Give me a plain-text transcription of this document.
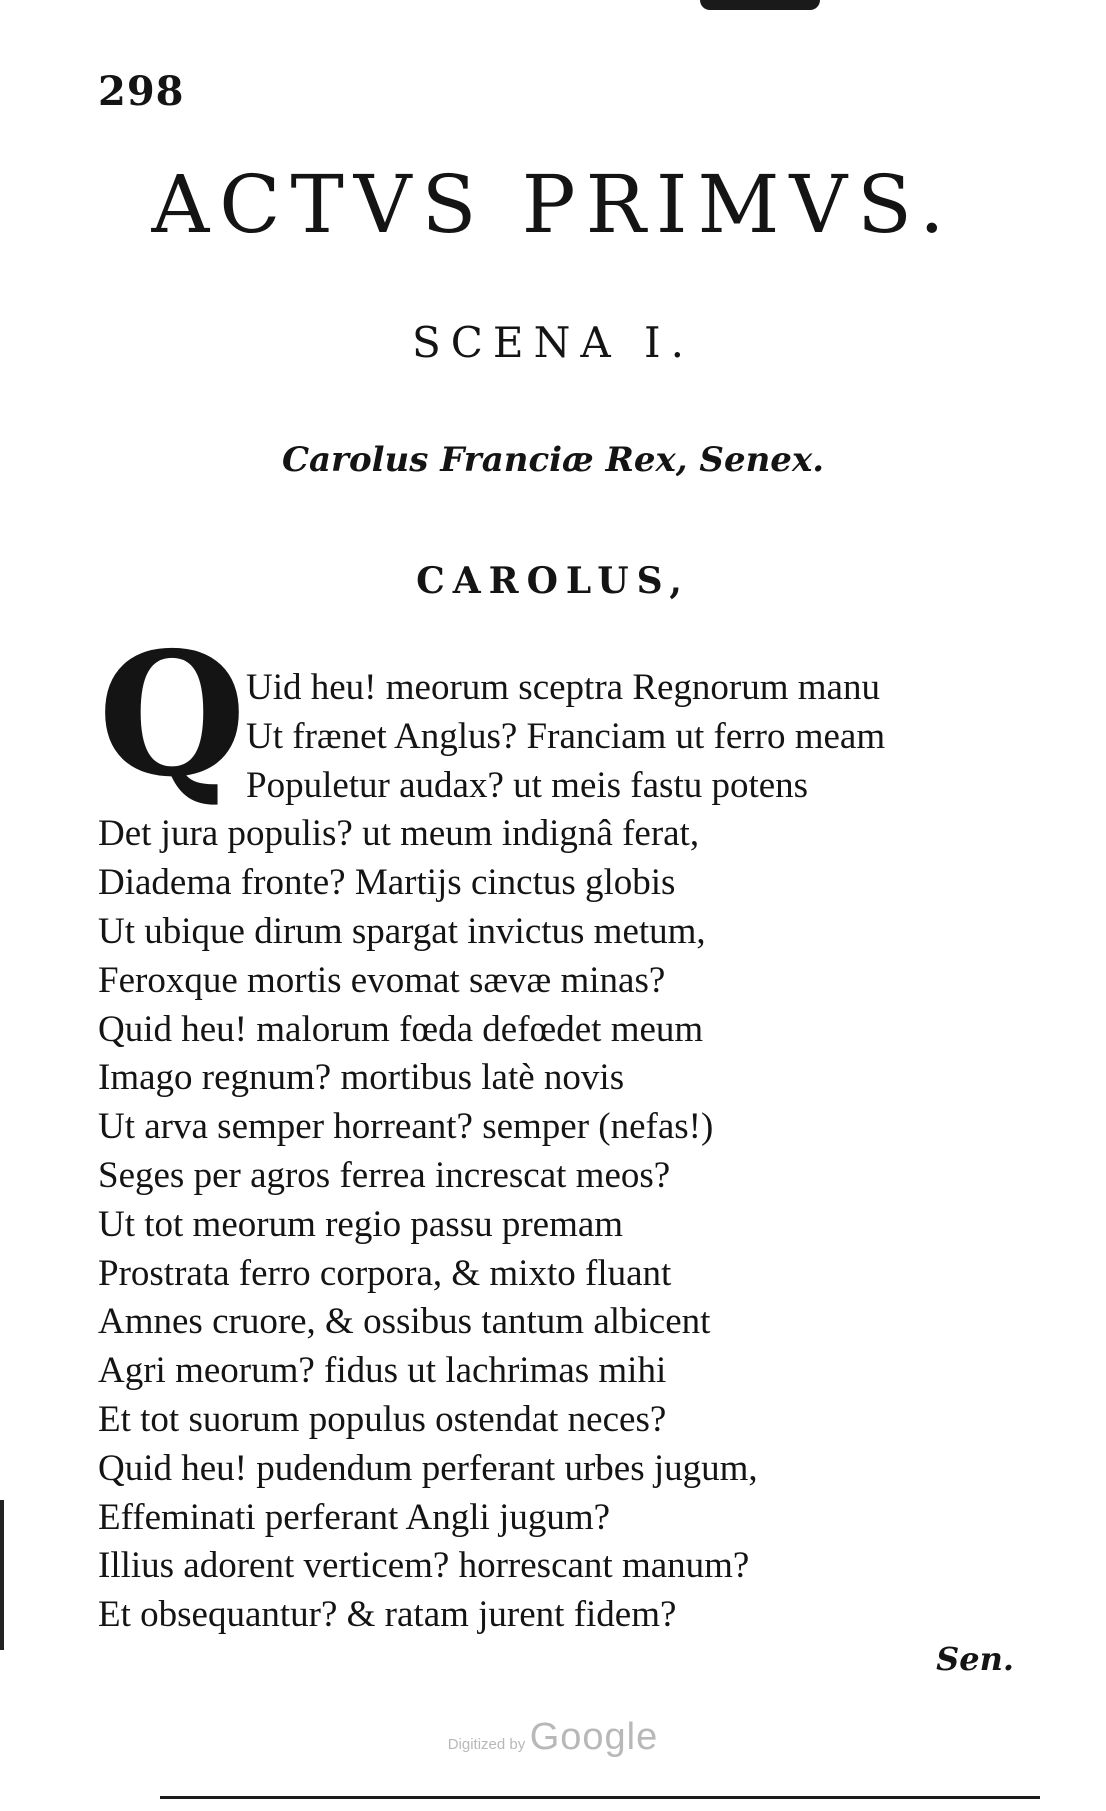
298
ACTVS PRIMVS.
SCENA I.
Carolus Franciæ Rex, Senex.
CAROLUS,
Q Uid heu! meorum sceptra Regnorum manu
Ut frænet Anglus? Franciam ut ferro meam
Populetur audax? ut meis fastu potens
Det jura populis? ut meum indignâ ferat,
Diadema fronte? Martijs cinctus globis
Ut ubique dirum spargat invictus metum,
Feroxque mortis evomat sævæ minas?
Quid heu! malorum fœda defœdet meum
Imago regnum? mortibus latè novis
Ut arva semper horreant? semper (nefas!)
Seges per agros ferrea increscat meos?
Ut tot meorum regio passu premam
Prostrata ferro corpora, & mixto fluant
Amnes cruore, & ossibus tantum albicent
Agri meorum? fidus ut lachrimas mihi
Et tot suorum populus ostendat neces?
Quid heu! pudendum perferant urbes jugum,
Effeminati perferant Angli jugum?
Illius adorent verticem? horrescant manum?
Et obsequantur? & ratam jurent fidem?
Sen.
Digitized by Google
